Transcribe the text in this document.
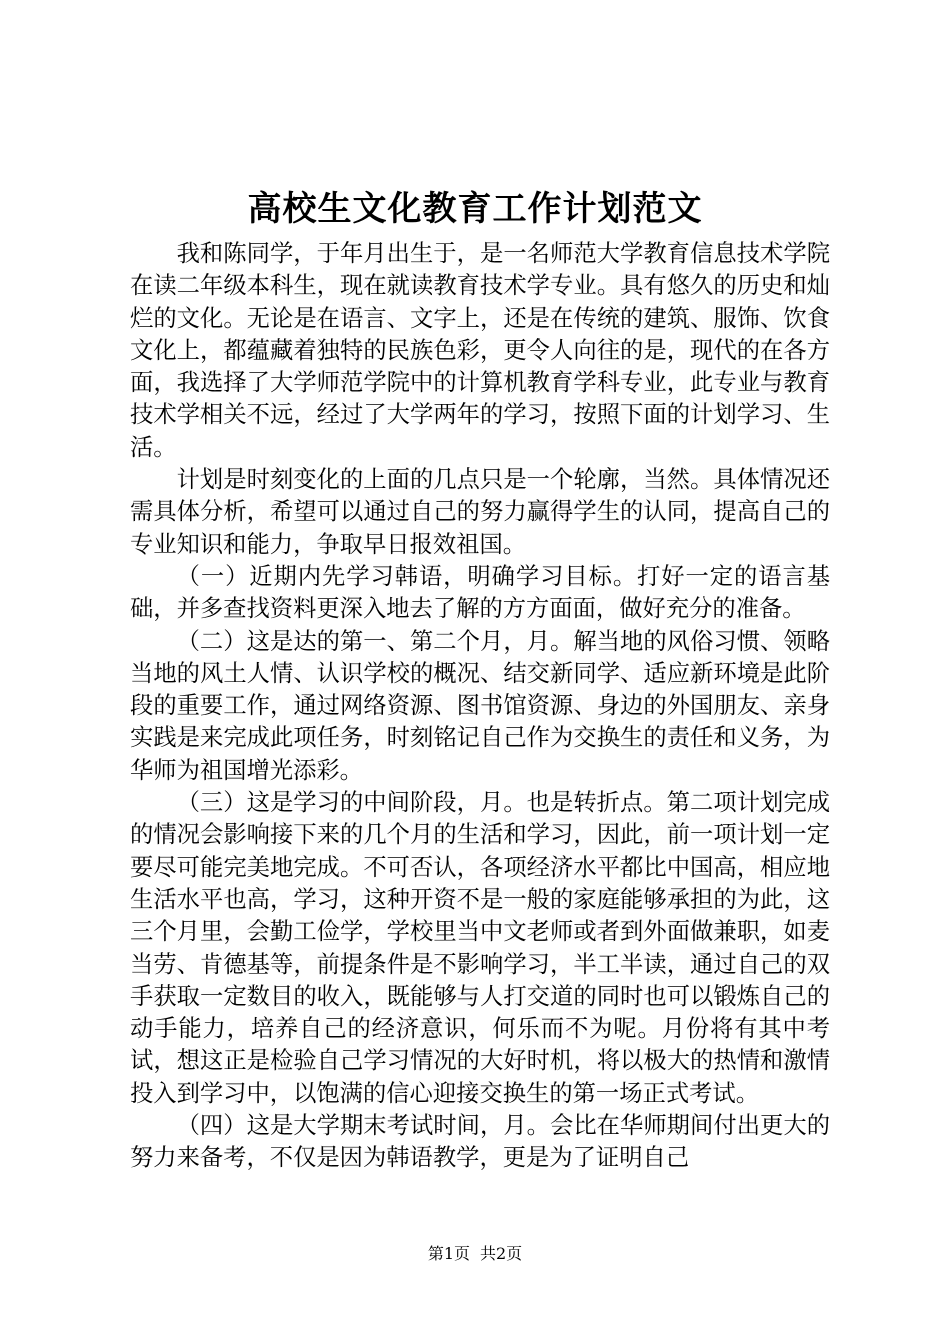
高校生文化教育工作计划范文

我和陈同学，于年月出生于，是一名师范大学教育信息技术学院在读二年级本科生，现在就读教育技术学专业。具有悠久的历史和灿烂的文化。无论是在语言、文字上，还是在传统的建筑、服饰、饮食文化上，都蕴藏着独特的民族色彩，更令人向往的是，现代的在各方面，我选择了大学师范学院中的计算机教育学科专业，此专业与教育技术学相关不远，经过了大学两年的学习，按照下面的计划学习、生活。

计划是时刻变化的上面的几点只是一个轮廓，当然。具体情况还需具体分析，希望可以通过自己的努力赢得学生的认同，提高自己的专业知识和能力，争取早日报效祖国。

（一）近期内先学习韩语，明确学习目标。打好一定的语言基础，并多查找资料更深入地去了解的方方面面，做好充分的准备。

（二）这是达的第一、第二个月，月。解当地的风俗习惯、领略当地的风土人情、认识学校的概况、结交新同学、适应新环境是此阶段的重要工作，通过网络资源、图书馆资源、身边的外国朋友、亲身实践是来完成此项任务，时刻铭记自己作为交换生的责任和义务，为华师为祖国增光添彩。

（三）这是学习的中间阶段，月。也是转折点。第二项计划完成的情况会影响接下来的几个月的生活和学习，因此，前一项计划一定要尽可能完美地完成。不可否认，各项经济水平都比中国高，相应地生活水平也高，学习，这种开资不是一般的家庭能够承担的为此，这三个月里，会勤工俭学，学校里当中文老师或者到外面做兼职，如麦当劳、肯德基等，前提条件是不影响学习，半工半读，通过自己的双手获取一定数目的收入，既能够与人打交道的同时也可以锻炼自己的动手能力，培养自己的经济意识，何乐而不为呢。月份将有其中考试，想这正是检验自己学习情况的大好时机，将以极大的热情和激情投入到学习中，以饱满的信心迎接交换生的第一场正式考试。

（四）这是大学期末考试时间，月。会比在华师期间付出更大的努力来备考，不仅是因为韩语教学，更是为了证明自己

第1页 共2页
